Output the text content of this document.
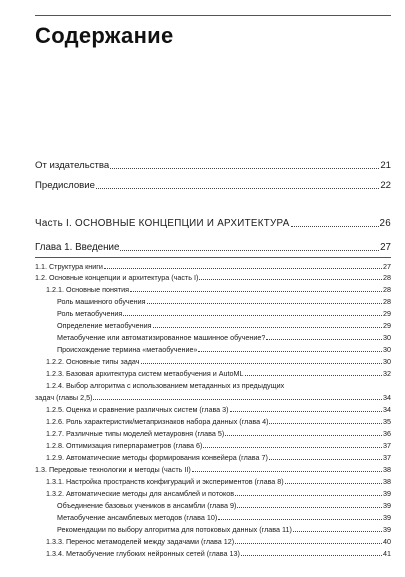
Содержание
От издательства	21
Предисловие	22
Часть I. ОСНОВНЫЕ КОНЦЕПЦИИ И АРХИТЕКТУРА	26
Глава 1. Введение	27
1.1. Структура книги	27
1.2. Основные концепции и архитектура (часть I)	28
1.2.1. Основные понятия	28
Роль машинного обучения	28
Роль метаобучения	29
Определение метаобучения	29
Метаобучение или автоматизированное машинное обучение?	30
Происхождение термина «метаобучение»	30
1.2.2. Основные типы задач	30
1.2.3. Базовая архитектура систем метаобучения и AutoML	32
1.2.4. Выбор алгоритма с использованием метаданных из предыдущих
задач (главы 2,5)	34
1.2.5. Оценка и сравнение различных систем (глава 3)	34
1.2.6. Роль характеристик/метапризнаков набора данных (глава 4)	35
1.2.7. Различные типы моделей метауровня (глава 5)	36
1.2.8. Оптимизация гиперпараметров (глава 6)	37
1.2.9. Автоматические методы формирования конвейера (глава 7)	37
1.3. Передовые технологии и методы (часть II)	38
1.3.1. Настройка пространств конфигураций и экспериментов (глава 8)	38
1.3.2. Автоматические методы для ансамблей и потоков	39
Объединение базовых учеников в ансамбли (глава 9)	39
Метаобучение ансамблевых методов (глава 10)	39
Рекомендации по выбору алгоритма для потоковых данных (глава 11)	39
1.3.3. Перенос метамоделей между задачами (глава 12)	40
1.3.4. Метаобучение глубоких нейронных сетей (глава 13)	41
